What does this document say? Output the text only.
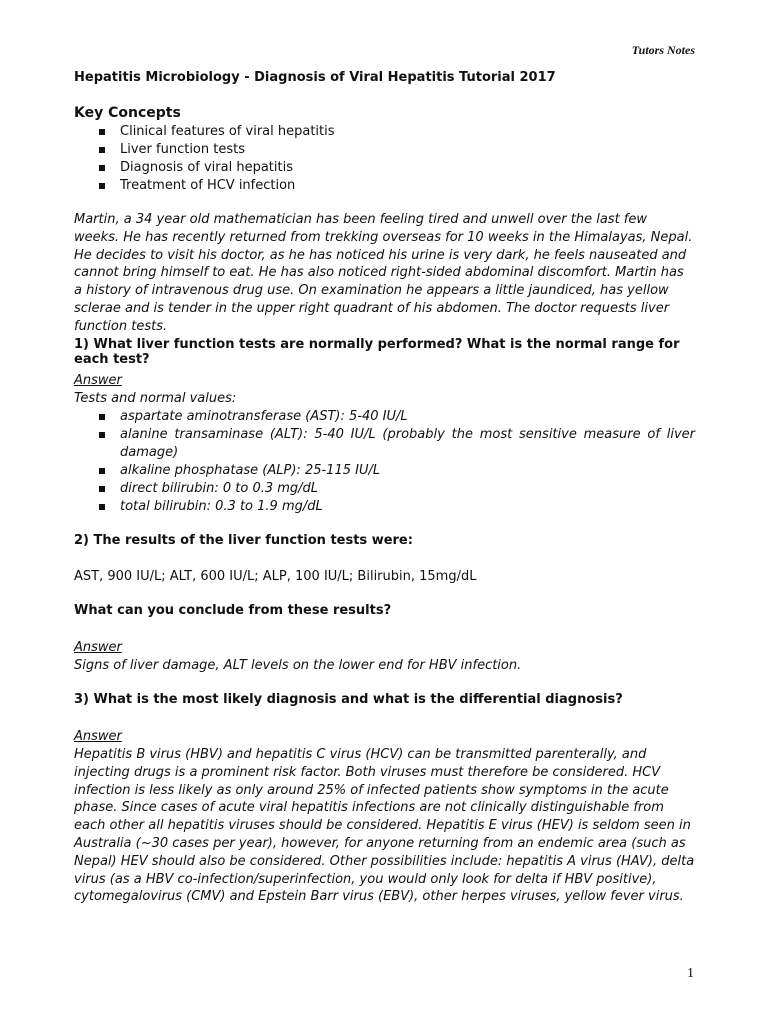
Tutors Notes

Hepatitis Microbiology - Diagnosis of Viral Hepatitis Tutorial 2017

Key Concepts

Clinical features of viral hepatitis
Liver function tests
Diagnosis of viral hepatitis
Treatment of HCV infection

Martin, a 34 year old mathematician has been feeling tired and unwell over the last few weeks. He has recently returned from trekking overseas for 10 weeks in the Himalayas, Nepal. He decides to visit his doctor, as he has noticed his urine is very dark, he feels nauseated and cannot bring himself to eat. He has also noticed right-sided abdominal discomfort. Martin has a history of intravenous drug use. On examination he appears a little jaundiced, has yellow sclerae and is tender in the upper right quadrant of his abdomen. The doctor requests liver function tests.

1) What liver function tests are normally performed? What is the normal range for each test?

Answer
Tests and normal values:
aspartate aminotransferase (AST): 5-40 IU/L
alanine transaminase (ALT): 5-40 IU/L (probably the most sensitive measure of liver damage)
alkaline phosphatase (ALP): 25-115 IU/L
direct bilirubin: 0 to 0.3 mg/dL
total bilirubin: 0.3 to 1.9 mg/dL

2) The results of the liver function tests were:

AST, 900 IU/L; ALT, 600 IU/L; ALP, 100 IU/L; Bilirubin, 15mg/dL

What can you conclude from these results?

Answer
Signs of liver damage, ALT levels on the lower end for HBV infection.

3) What is the most likely diagnosis and what is the differential diagnosis?

Answer
Hepatitis B virus (HBV) and hepatitis C virus (HCV) can be transmitted parenterally, and injecting drugs is a prominent risk factor. Both viruses must therefore be considered. HCV infection is less likely as only around 25% of infected patients show symptoms in the acute phase. Since cases of acute viral hepatitis infections are not clinically distinguishable from each other all hepatitis viruses should be considered. Hepatitis E virus (HEV) is seldom seen in Australia (~30 cases per year), however, for anyone returning from an endemic area (such as Nepal) HEV should also be considered. Other possibilities include: hepatitis A virus (HAV), delta virus (as a HBV co-infection/superinfection, you would only look for delta if HBV positive), cytomegalovirus (CMV) and Epstein Barr virus (EBV), other herpes viruses, yellow fever virus.
1
